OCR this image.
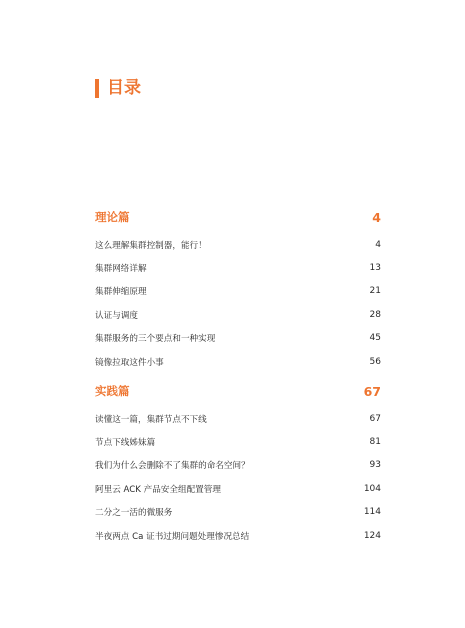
目录
理论篇	4
这么理解集群控制器，能行！	4
集群网络详解	13
集群伸缩原理	21
认证与调度	28
集群服务的三个要点和一种实现	45
镜像拉取这件小事	56
实践篇	67
读懂这一篇，集群节点不下线	67
节点下线姊妹篇	81
我们为什么会删除不了集群的命名空间？	93
阿里云 ACK 产品安全组配置管理	104
二分之一活的微服务	114
半夜两点 Ca 证书过期问题处理惨况总结	124
